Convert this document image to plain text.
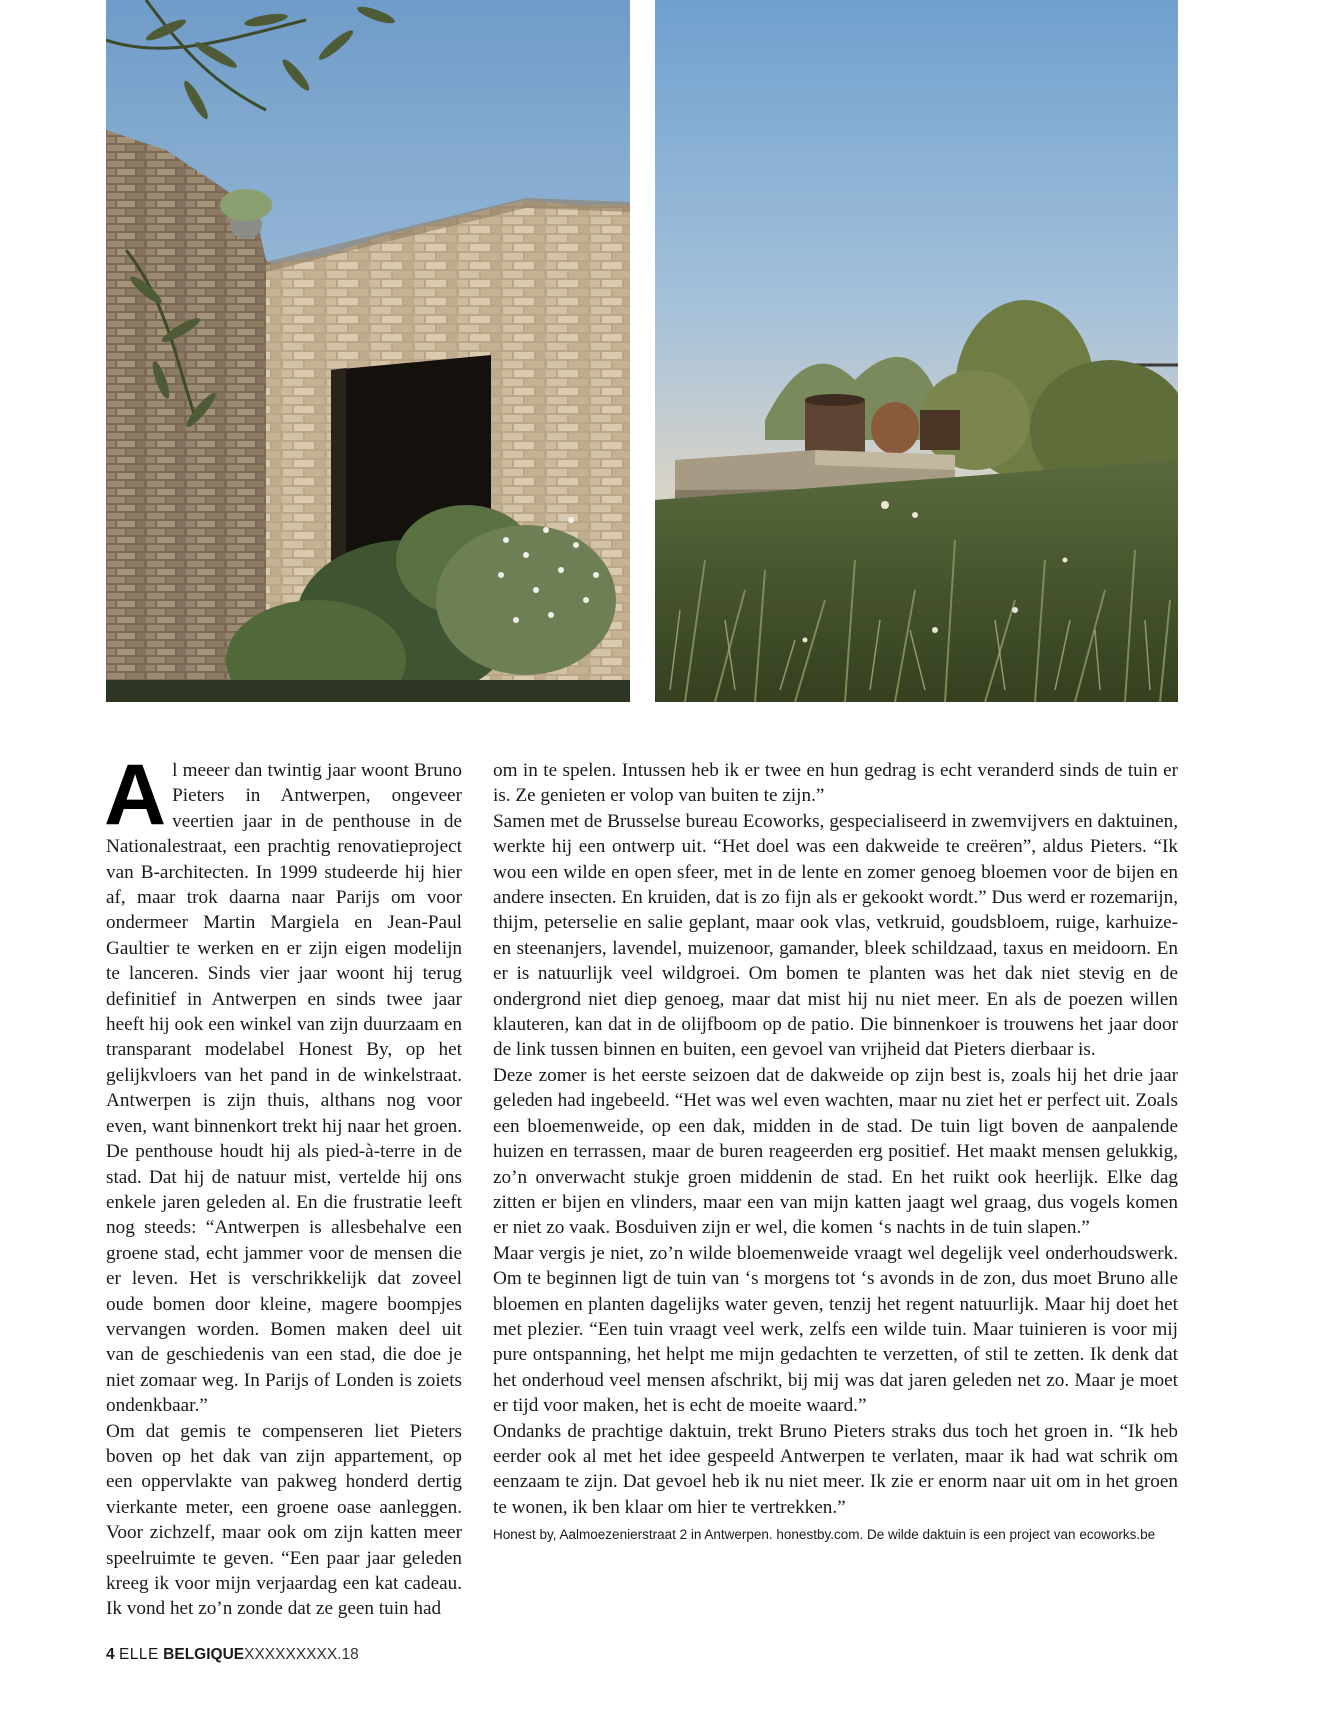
Al meeer dan twintig jaar woont Bruno Pieters in Antwerpen, ongeveer veertien jaar in de penthouse in de Nationalestraat, een prachtig renovatieproject van B-architecten. In 1999 studeerde hij hier af, maar trok daarna naar Parijs om voor ondermeer Martin Margiela en Jean-Paul Gaultier te werken en er zijn eigen modelijn te lanceren. Sinds vier jaar woont hij terug definitief in Antwerpen en sinds twee jaar heeft hij ook een winkel van zijn duurzaam en transparant modelabel Honest By, op het gelijkvloers van het pand in de winkelstraat. Antwerpen is zijn thuis, althans nog voor even, want binnenkort trekt hij naar het groen. De penthouse houdt hij als pied-à-terre in de stad. Dat hij de natuur mist, vertelde hij ons enkele jaren geleden al. En die frustratie leeft nog steeds: “Antwerpen is allesbehalve een groene stad, echt jammer voor de mensen die er leven. Het is verschrikkelijk dat zoveel oude bomen door kleine, magere boompjes vervangen worden. Bomen maken deel uit van de geschiedenis van een stad, die doe je niet zomaar weg. In Parijs of Londen is zoiets ondenkbaar.”

Om dat gemis te compenseren liet Pieters boven op het dak van zijn appartement, op een oppervlakte van pakweg honderd dertig vierkante meter, een groene oase aanleggen. Voor zichzelf, maar ook om zijn katten meer speelruimte te geven. “Een paar jaar geleden kreeg ik voor mijn verjaardag een kat cadeau. Ik vond het zo’n zonde dat ze geen tuin had

om in te spelen. Intussen heb ik er twee en hun gedrag is echt veranderd sinds de tuin er is. Ze genieten er volop van buiten te zijn.”

Samen met de Brusselse bureau Ecoworks, gespecialiseerd in zwemvijvers en daktuinen, werkte hij een ontwerp uit. “Het doel was een dakweide te creëren”, aldus Pieters. “Ik wou een wilde en open sfeer, met in de lente en zomer genoeg bloemen voor de bijen en andere insecten. En kruiden, dat is zo fijn als er gekookt wordt.” Dus werd er rozemarijn, thijm, peterselie en salie geplant, maar ook vlas, vetkruid, goudsbloem, ruige, karhuize- en steenanjers, lavendel, muizenoor, gamander, bleek schildzaad, taxus en meidoorn. En er is natuurlijk veel wildgroei. Om bomen te planten was het dak niet stevig en de ondergrond niet diep genoeg, maar dat mist hij nu niet meer. En als de poezen willen klauteren, kan dat in de olijfboom op de patio. Die binnenkoer is trouwens het jaar door de link tussen binnen en buiten, een gevoel van vrijheid dat Pieters dierbaar is.

Deze zomer is het eerste seizoen dat de dakweide op zijn best is, zoals hij het drie jaar geleden had ingebeeld. “Het was wel even wachten, maar nu ziet het er perfect uit. Zoals een bloemenweide, op een dak, midden in de stad. De tuin ligt boven de aanpalende huizen en terrassen, maar de buren reageerden erg positief. Het maakt mensen gelukkig, zo’n onverwacht stukje groen middenin de stad. En het ruikt ook heerlijk. Elke dag zitten er bijen en vlinders, maar een van mijn katten jaagt wel graag, dus vogels komen er niet zo vaak. Bosduiven zijn er wel, die komen ‘s nachts in de tuin slapen.”

Maar vergis je niet, zo’n wilde bloemenweide vraagt wel degelijk veel onderhoudswerk. Om te beginnen ligt de tuin van ‘s morgens tot ‘s avonds in de zon, dus moet Bruno alle bloemen en planten dagelijks water geven, tenzij het regent natuurlijk. Maar hij doet het met plezier. “Een tuin vraagt veel werk, zelfs een wilde tuin. Maar tuinieren is voor mij pure ontspanning, het helpt me mijn gedachten te verzetten, of stil te zetten. Ik denk dat het onderhoud veel mensen afschrikt, bij mij was dat jaren geleden net zo. Maar je moet er tijd voor maken, het is echt de moeite waard.”

Ondanks de prachtige daktuin, trekt Bruno Pieters straks dus toch het groen in. “Ik heb eerder ook al met het idee gespeeld Antwerpen te verlaten, maar ik had wat schrik om eenzaam te zijn. Dat gevoel heb ik nu niet meer. Ik zie er enorm naar uit om in het groen te wonen, ik ben klaar om hier te vertrekken.”

Honest by, Aalmoezenierstraat 2 in Antwerpen. honestby.com. De wilde daktuin is een project van ecoworks.be
4 ELLE BELGIQUEXXXXXXXXX.18
